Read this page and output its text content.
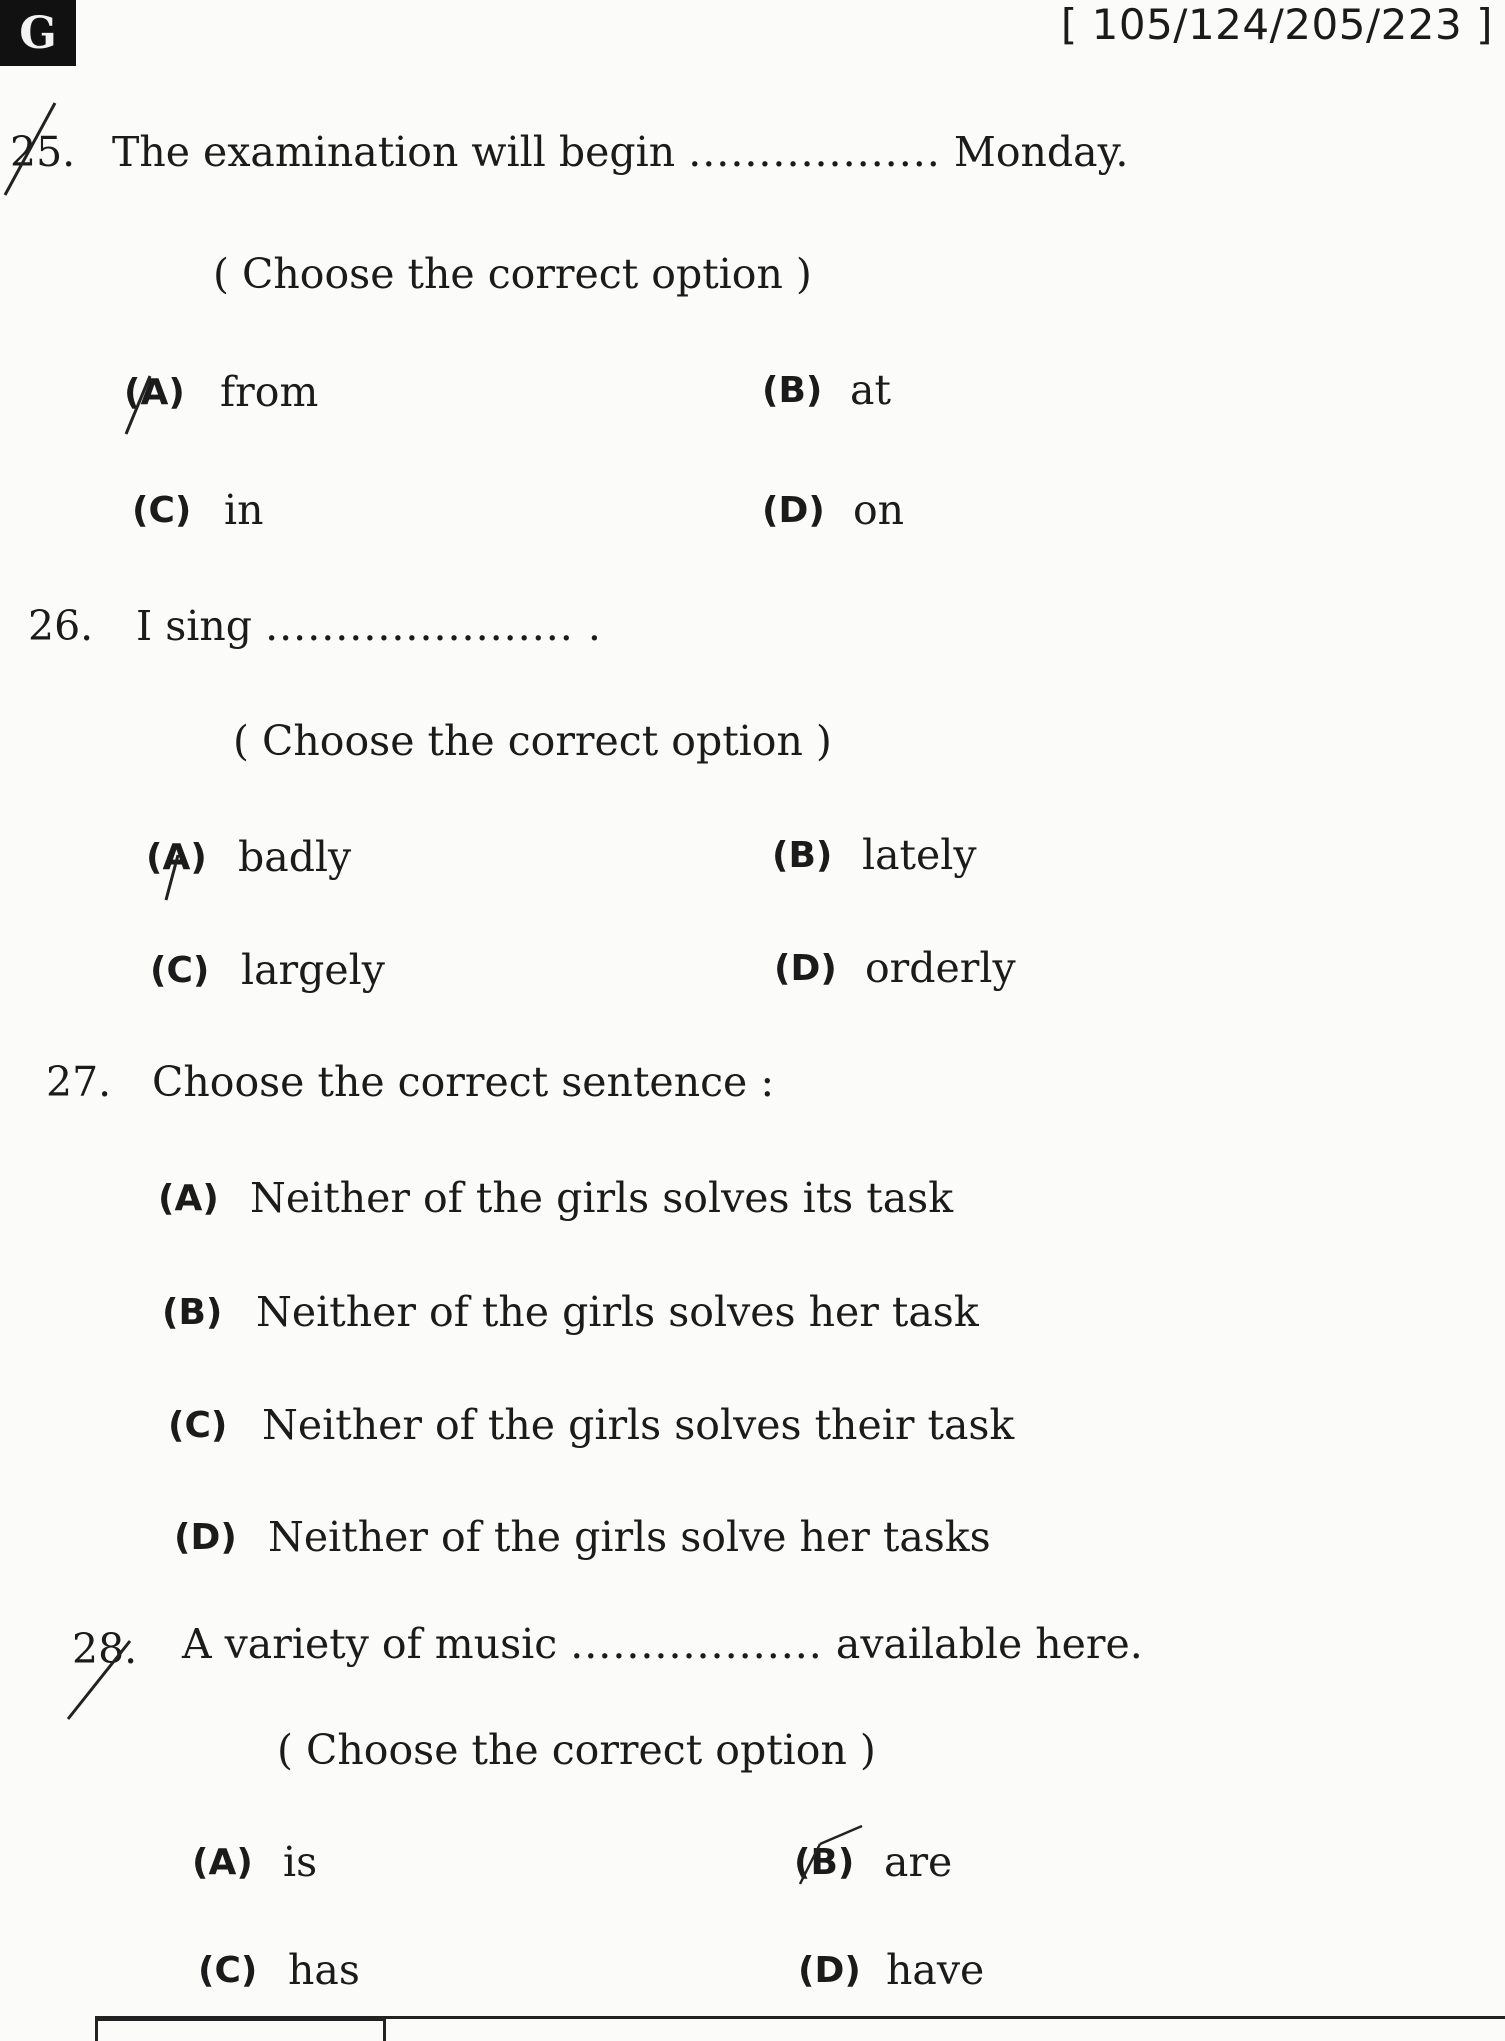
G	[ 105/124/205/223 ]
25. The examination will begin .................. Monday.
( Choose the correct option )
(A) from	(B) at
(C) in	(D) on
26. I sing ...................... .
( Choose the correct option )
(A) badly	(B) lately
(C) largely	(D) orderly
27. Choose the correct sentence :
(A) Neither of the girls solves its task
(B) Neither of the girls solves her task
(C) Neither of the girls solves their task
(D) Neither of the girls solve her tasks
28. A variety of music .................. available here.
( Choose the correct option )
(A) is	(B) are
(C) has	(D) have
